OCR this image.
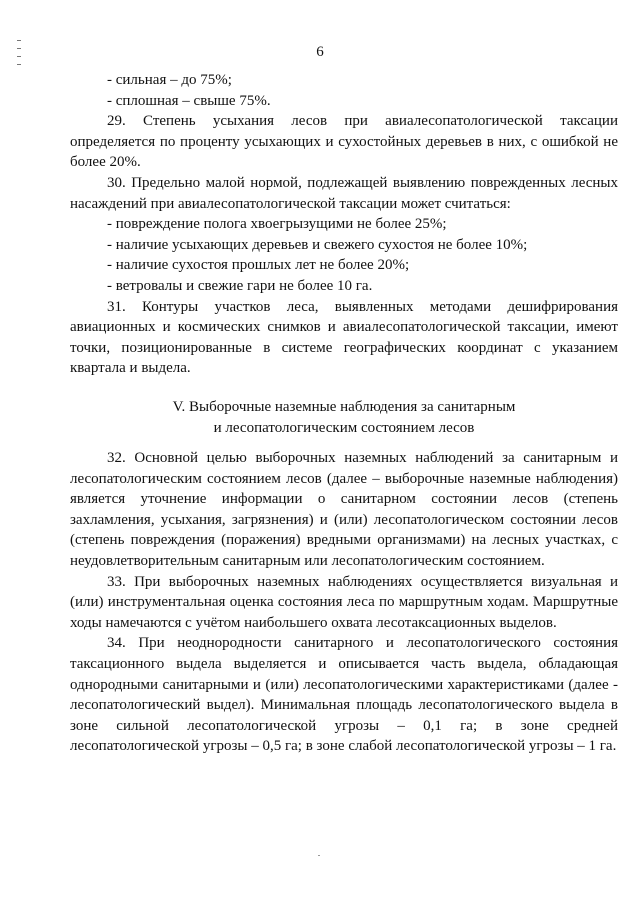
6

- сильная – до 75%;

- сплошная – свыше 75%.

29. Степень усыхания лесов при авиалесопатологической таксации определяется по проценту усыхающих и сухостойных деревьев в них, с ошибкой не более 20%.

30. Предельно малой нормой, подлежащей выявлению поврежденных лесных насаждений при авиалесопатологической таксации может считаться:

- повреждение полога хвоегрызущими не более 25%;

- наличие усыхающих деревьев и свежего сухостоя не более 10%;

- наличие сухостоя прошлых лет не более 20%;

- ветровалы и свежие гари не более 10 га.

31. Контуры участков леса, выявленных методами дешифрирования авиационных и космических снимков и авиалесопатологической таксации, имеют точки, позиционированные в системе географических координат с указанием квартала и выдела.

V. Выборочные наземные наблюдения за санитарным
и лесопатологическим состоянием лесов

32. Основной целью выборочных наземных наблюдений за санитарным и лесопатологическим состоянием лесов (далее – выборочные наземные наблюдения) является уточнение информации о санитарном состоянии лесов (степень захламления, усыхания, загрязнения) и (или) лесопатологическом состоянии лесов (степень повреждения (поражения) вредными организмами) на лесных участках, с неудовлетворительным санитарным или лесопатологическим состоянием.

33. При выборочных наземных наблюдениях осуществляется визуальная и (или) инструментальная оценка состояния леса по маршрутным ходам. Маршрутные ходы намечаются с учётом наибольшего охвата лесотаксационных выделов.

34. При неоднородности санитарного и лесопатологического состояния таксационного выдела выделяется и описывается часть выдела, обладающая однородными санитарными и (или) лесопатологическими характеристиками (далее - лесопатологический выдел). Минимальная площадь лесопатологического выдела в зоне сильной лесопатологической угрозы – 0,1 га; в зоне средней лесопатологической угрозы – 0,5 га; в зоне слабой лесопатологической угрозы – 1 га.
